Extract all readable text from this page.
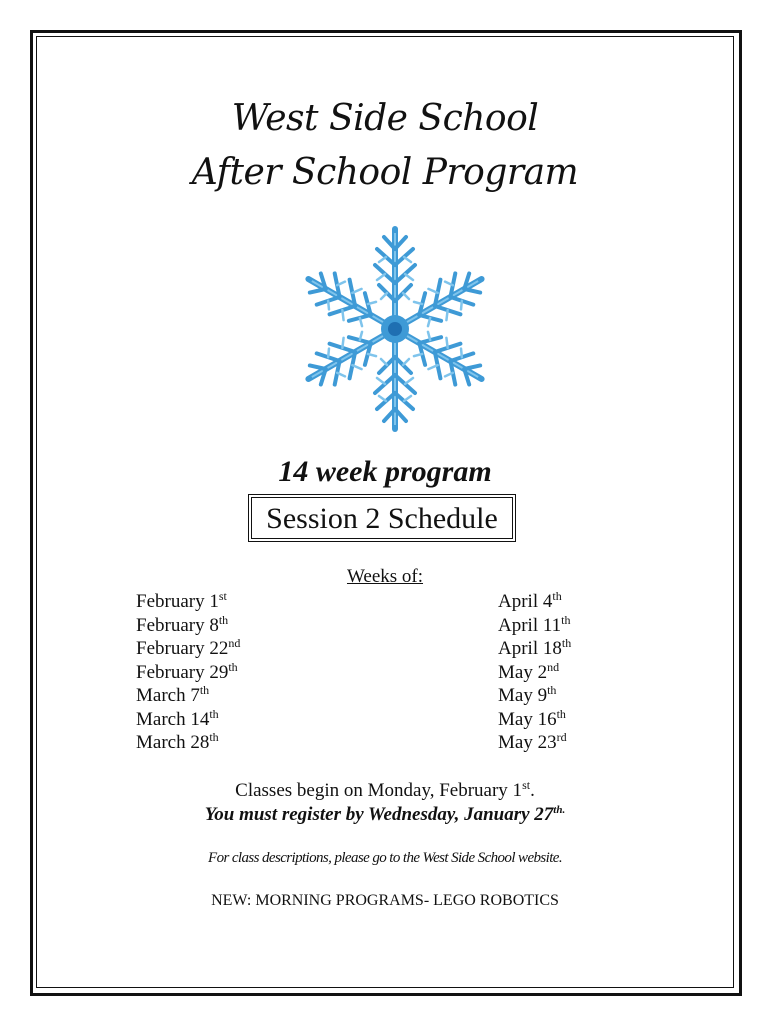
West Side School
After School Program
14 week program
Session 2 Schedule
Weeks of:
February 1st
February 8th
February 22nd
February 29th
March 7th
March 14th
March 28th
April 4th
April 11th
April 18th
May 2nd
May 9th
May 16th
May 23rd
Classes begin on Monday, February 1st.
You must register by Wednesday, January $27^{th.}$
For class descriptions, please go to the West Side School website.
NEW: MORNING PROGRAMS- LEGO ROBOTICS
